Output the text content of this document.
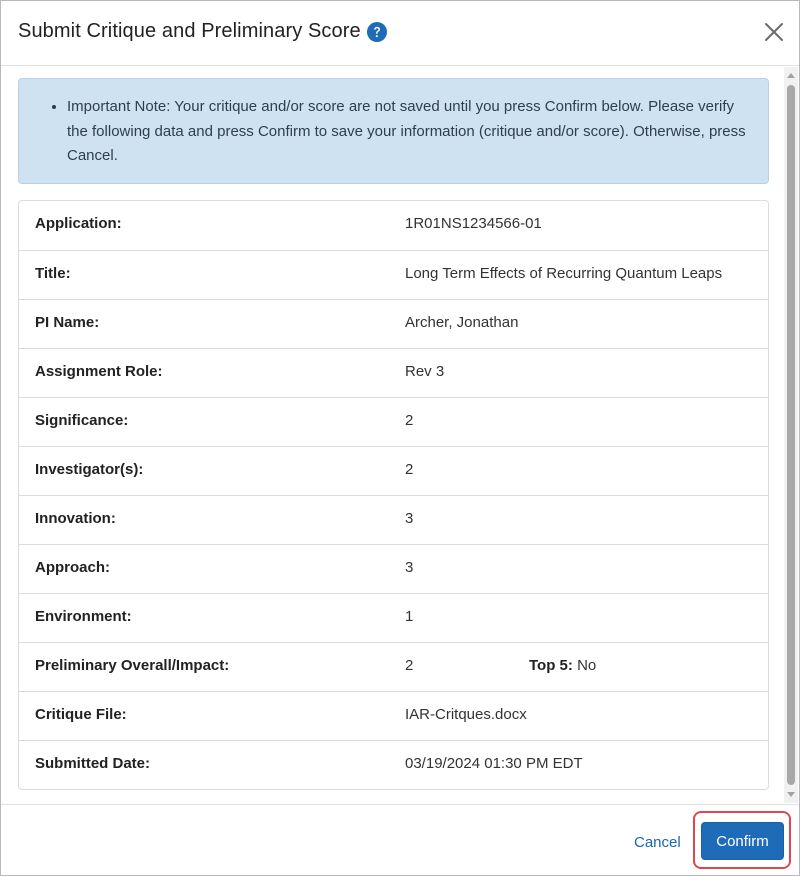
Submit Critique and Preliminary Score
• Important Note: Your critique and/or score are not saved until you press Confirm below. Please verify the following data and press Confirm to save your information (critique and/or score). Otherwise, press Cancel.
Application:	1R01NS1234566-01
Title:	Long Term Effects of Recurring Quantum Leaps
PI Name:	Archer, Jonathan
Assignment Role:	Rev 3
Significance:	2
Investigator(s):	2
Innovation:	3
Approach:	3
Environment:	1
Preliminary Overall/Impact:	2	Top 5: No
Critique File:	IAR-Critques.docx
Submitted Date:	03/19/2024 01:30 PM EDT
Cancel	Confirm
